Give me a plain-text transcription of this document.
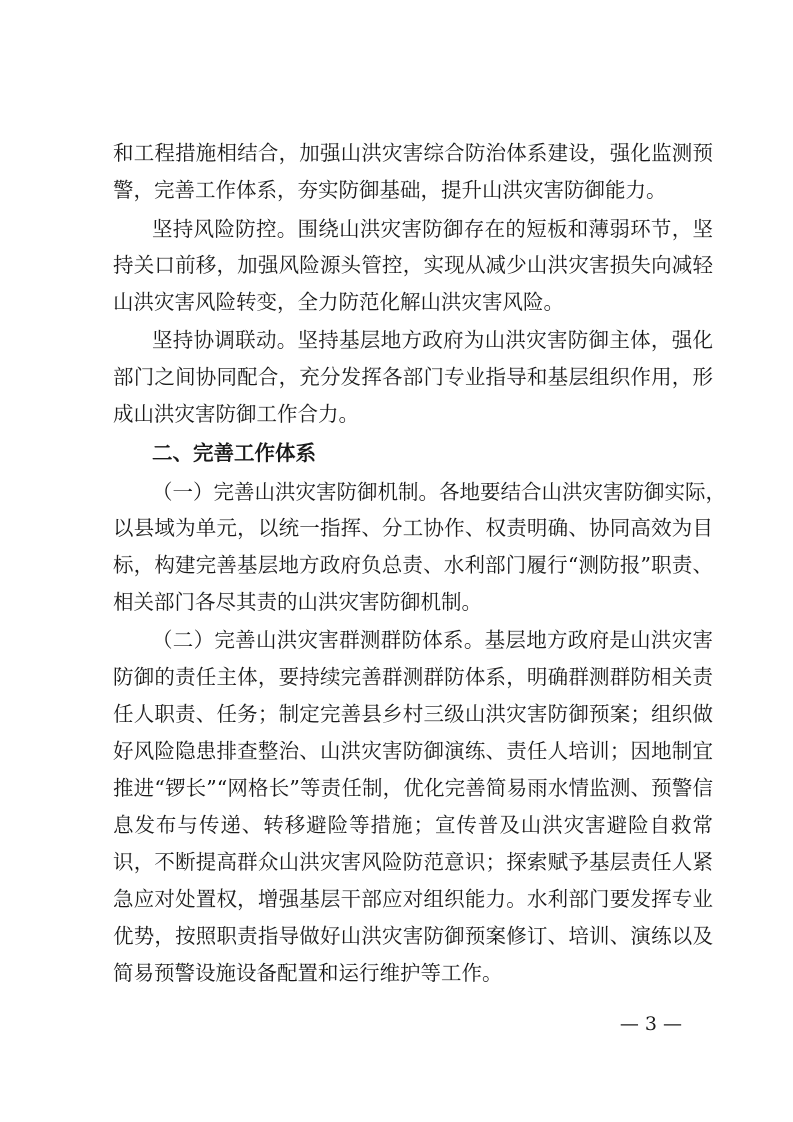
和工程措施相结合，加强山洪灾害综合防治体系建设，强化监测预
警，完善工作体系，夯实防御基础，提升山洪灾害防御能力。
坚持风险防控。围绕山洪灾害防御存在的短板和薄弱环节，坚
持关口前移，加强风险源头管控，实现从减少山洪灾害损失向减轻
山洪灾害风险转变，全力防范化解山洪灾害风险。
坚持协调联动。坚持基层地方政府为山洪灾害防御主体，强化
部门之间协同配合，充分发挥各部门专业指导和基层组织作用，形
成山洪灾害防御工作合力。
二、完善工作体系
（一）完善山洪灾害防御机制。各地要结合山洪灾害防御实际，
以县域为单元，以统一指挥、分工协作、权责明确、协同高效为目
标，构建完善基层地方政府负总责、水利部门履行“测防报”职责、
相关部门各尽其责的山洪灾害防御机制。
（二）完善山洪灾害群测群防体系。基层地方政府是山洪灾害
防御的责任主体，要持续完善群测群防体系，明确群测群防相关责
任人职责、任务；制定完善县乡村三级山洪灾害防御预案；组织做
好风险隐患排查整治、山洪灾害防御演练、责任人培训；因地制宜
推进“锣长”“网格长”等责任制，优化完善简易雨水情监测、预警信
息发布与传递、转移避险等措施；宣传普及山洪灾害避险自救常
识，不断提高群众山洪灾害风险防范意识；探索赋予基层责任人紧
急应对处置权，增强基层干部应对组织能力。水利部门要发挥专业
优势，按照职责指导做好山洪灾害防御预案修订、培训、演练以及
简易预警设施设备配置和运行维护等工作。
— 3 —
